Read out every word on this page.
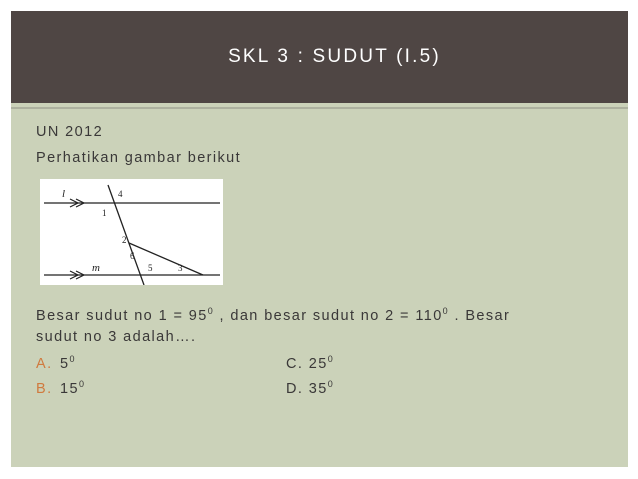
SKL 3 : SUDUT (I.5)
UN 2012
Perhatikan gambar berikut
l	4
1
2
6
m	5	3
Besar sudut no $1 = 95^0$ , dan besar sudut no $2 = 110^0$ . Besar
sudut no 3 adalah….
A. $5^0$
B. $15^0$
C. $25^0$
D. $35^0$
